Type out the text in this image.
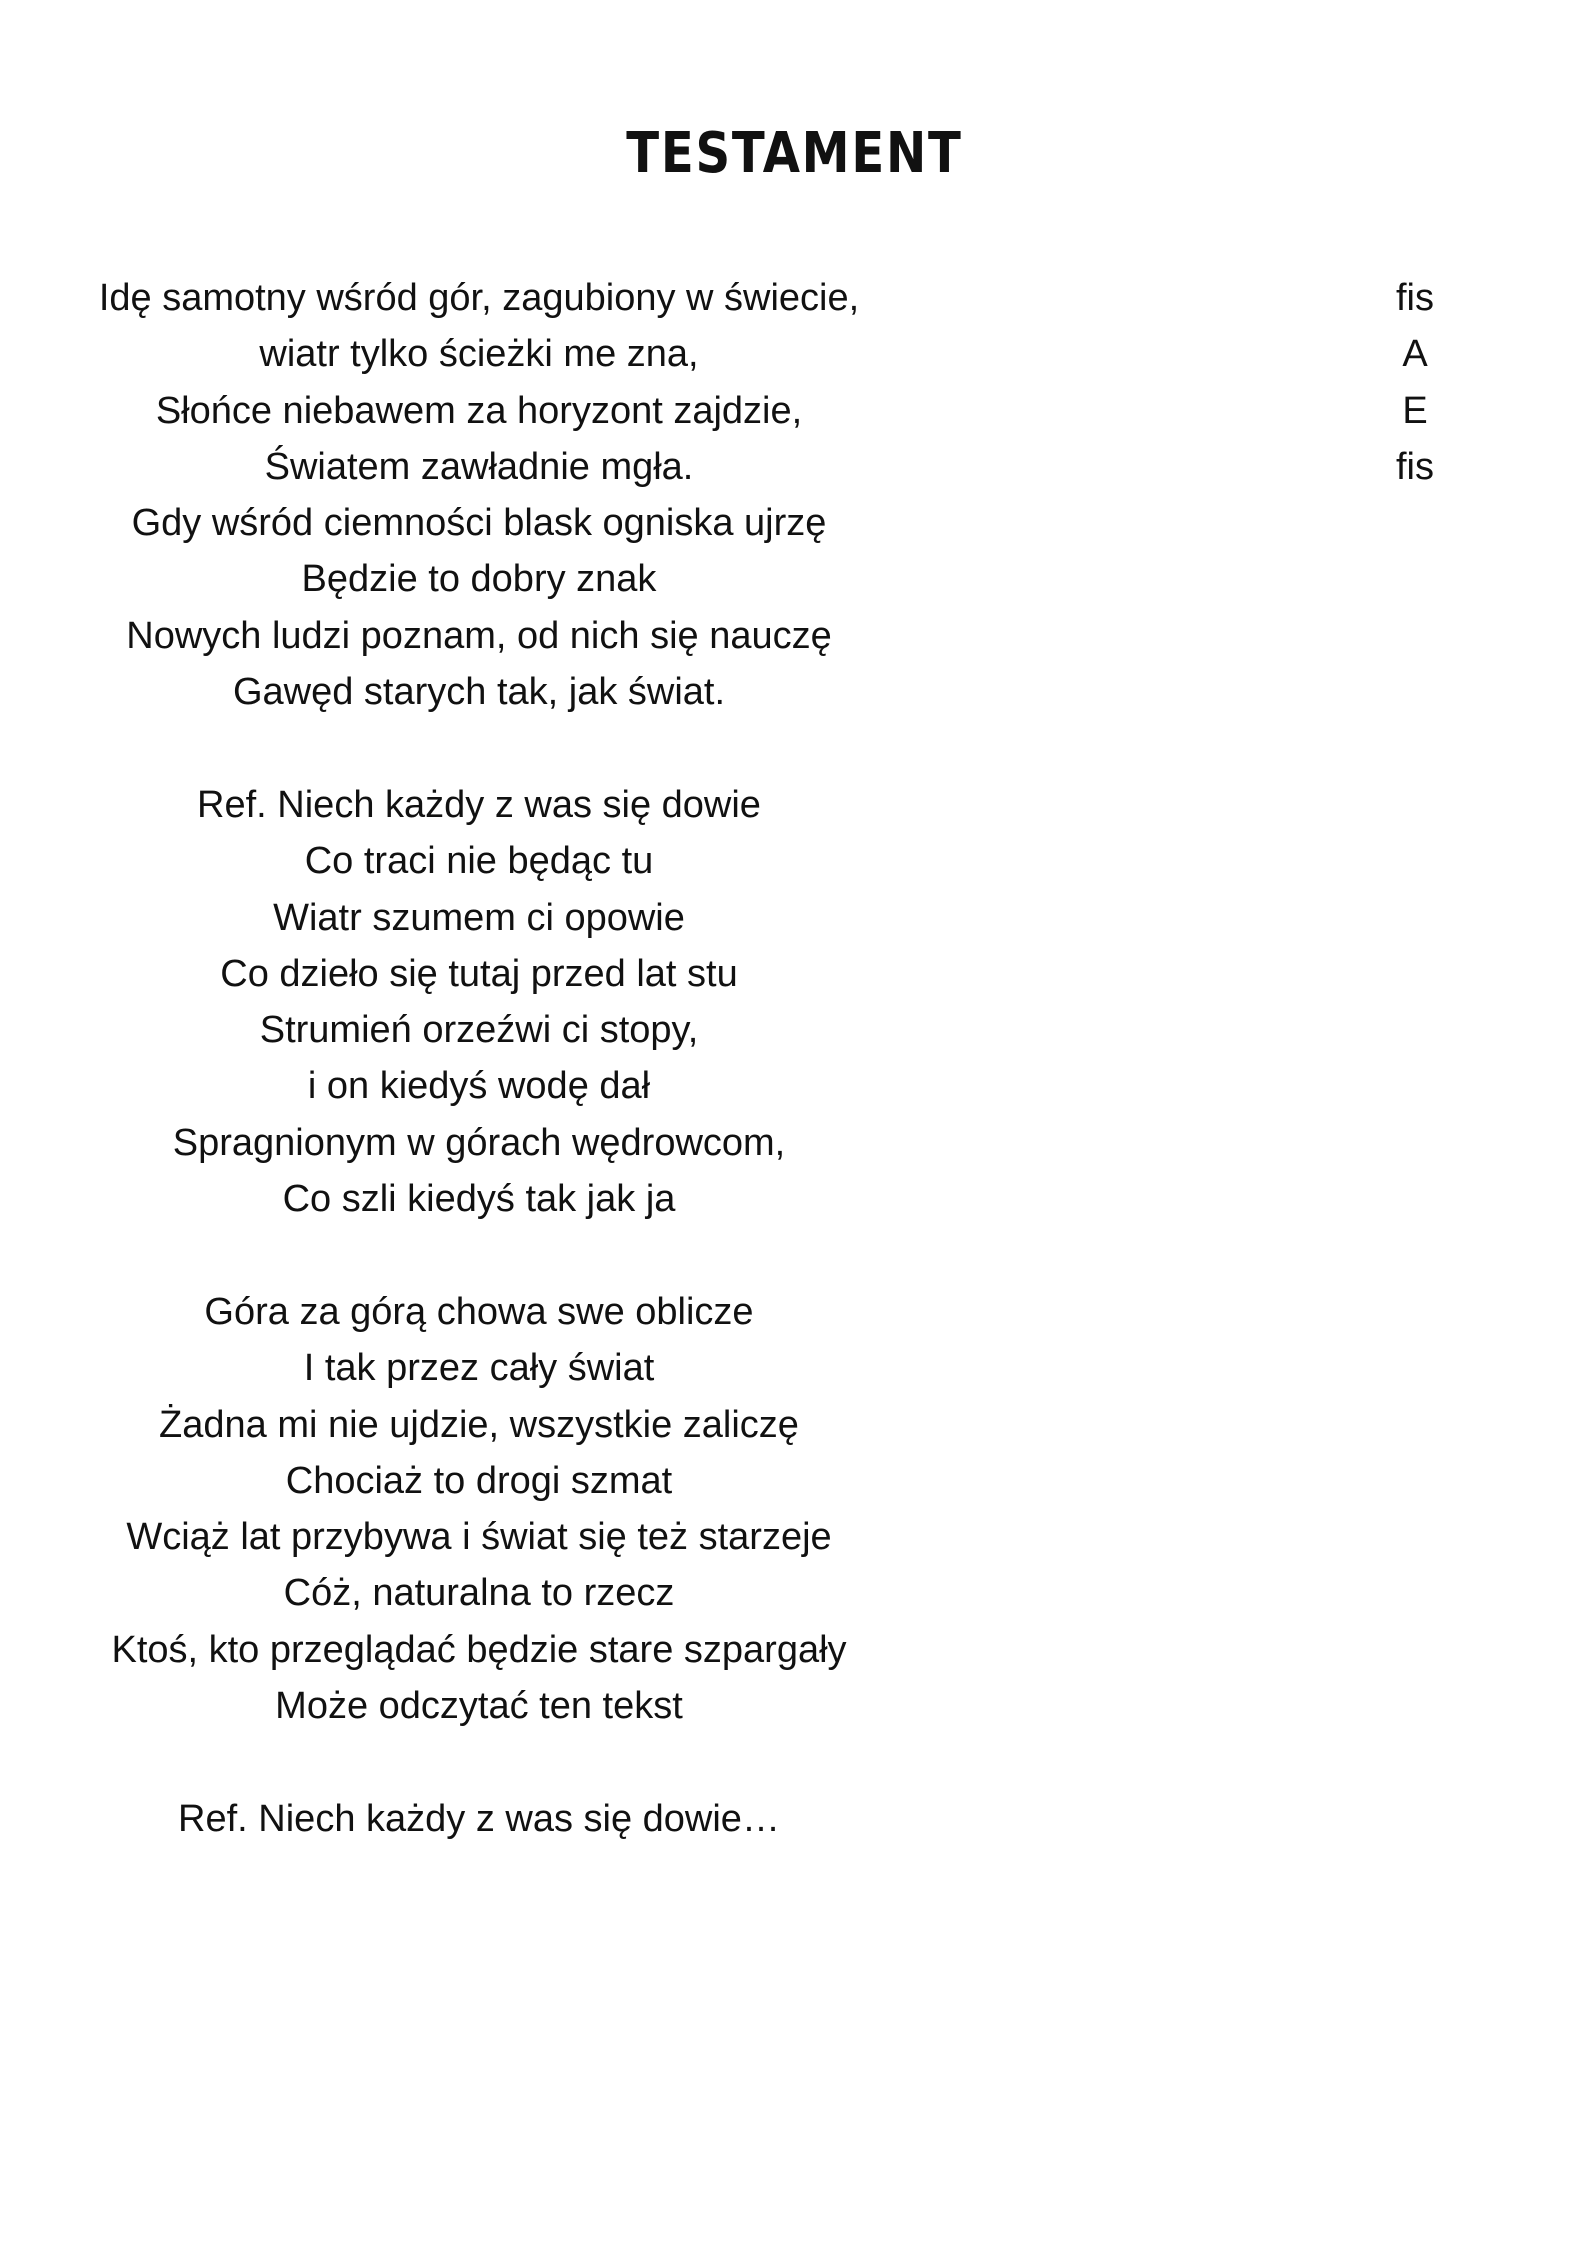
TESTAMENT
Idę samotny wśród gór, zagubiony w świecie,
wiatr tylko ścieżki me zna,
Słońce niebawem za horyzont zajdzie,
Światem zawładnie mgła.
Gdy wśród ciemności blask ogniska ujrzę
Będzie to dobry znak
Nowych ludzi poznam, od nich się nauczę
Gawęd starych tak, jak świat.
fis
A
E
fis
Ref. Niech każdy z was się dowie
Co traci nie będąc tu
Wiatr szumem ci opowie
Co dzieło się tutaj przed lat stu
Strumień orzeźwi ci stopy,
i on kiedyś wodę dał
Spragnionym w górach wędrowcom,
Co szli kiedyś tak jak ja
Góra za górą chowa swe oblicze
I tak przez cały świat
Żadna mi nie ujdzie, wszystkie zaliczę
Chociaż to drogi szmat
Wciąż lat przybywa i świat się też starzeje
Cóż, naturalna to rzecz
Ktoś, kto przeglądać będzie stare szpargały
Może odczytać ten tekst
Ref. Niech każdy z was się dowie…
